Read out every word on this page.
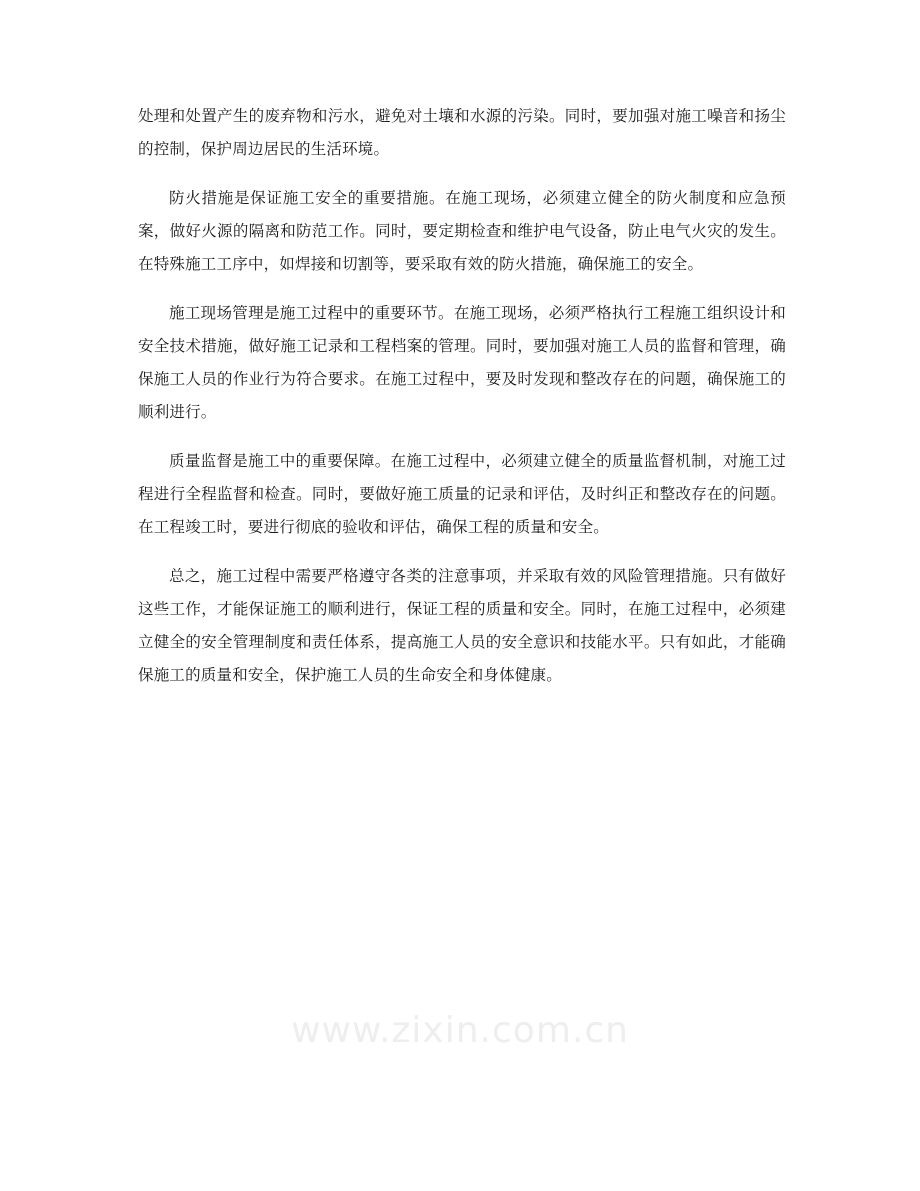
处理和处置产生的废弃物和污水，避免对土壤和水源的污染。同时，要加强对施工噪音和扬尘的控制，保护周边居民的生活环境。

防火措施是保证施工安全的重要措施。在施工现场，必须建立健全的防火制度和应急预案，做好火源的隔离和防范工作。同时，要定期检查和维护电气设备，防止电气火灾的发生。在特殊施工工序中，如焊接和切割等，要采取有效的防火措施，确保施工的安全。

施工现场管理是施工过程中的重要环节。在施工现场，必须严格执行工程施工组织设计和安全技术措施，做好施工记录和工程档案的管理。同时，要加强对施工人员的监督和管理，确保施工人员的作业行为符合要求。在施工过程中，要及时发现和整改存在的问题，确保施工的顺利进行。

质量监督是施工中的重要保障。在施工过程中，必须建立健全的质量监督机制，对施工过程进行全程监督和检查。同时，要做好施工质量的记录和评估，及时纠正和整改存在的问题。在工程竣工时，要进行彻底的验收和评估，确保工程的质量和安全。

总之，施工过程中需要严格遵守各类的注意事项，并采取有效的风险管理措施。只有做好这些工作，才能保证施工的顺利进行，保证工程的质量和安全。同时，在施工过程中，必须建立健全的安全管理制度和责任体系，提高施工人员的安全意识和技能水平。只有如此，才能确保施工的质量和安全，保护施工人员的生命安全和身体健康。

www.zixin.com.cn
